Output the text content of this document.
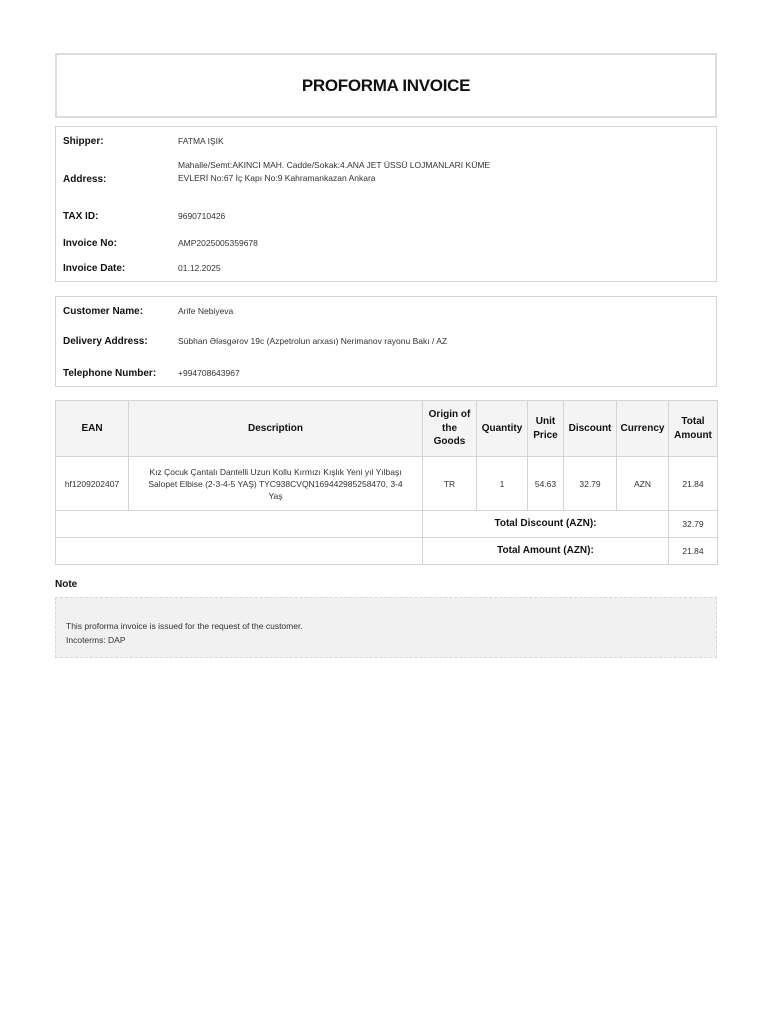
PROFORMA INVOICE
Shipper:	FATMA IŞIK
Address:
Mahalle/Semt:AKINCI MAH. Cadde/Sokak:4.ANA JET ÜSSÜ LOJMANLARI KÜME EVLERİ No:67 İç Kapı No:9 Kahramankazan Ankara
TAX ID:	9690710426
Invoice No:	AMP2025005359678
Invoice Date:	01.12.2025
Customer Name:	Arife Nebiyeva
Delivery Address:	Sübhan Ələsgərov 19c (Azpetrolun arxası) Nerimanov rayonu Bakı / AZ
Telephone Number:	+994708643967
EAN	Description	Origin of the Goods	Quantity	Unit Price	Discount	Currency	Total Amount
hf1209202407	Kız Çocuk Çantalı Dantelli Uzun Kollu Kırmızı Kışlık Yeni yıl Yılbaşı Salopet Elbise (2-3-4-5 YAŞ) TYC938CVQN169442985258470, 3-4 Yaş	TR	1	54.63	32.79	AZN	21.84
		Total Discount (AZN):					32.79
		Total Amount (AZN):					21.84
Note
This proforma invoice is issued for the request of the customer.
Incoterms: DAP
